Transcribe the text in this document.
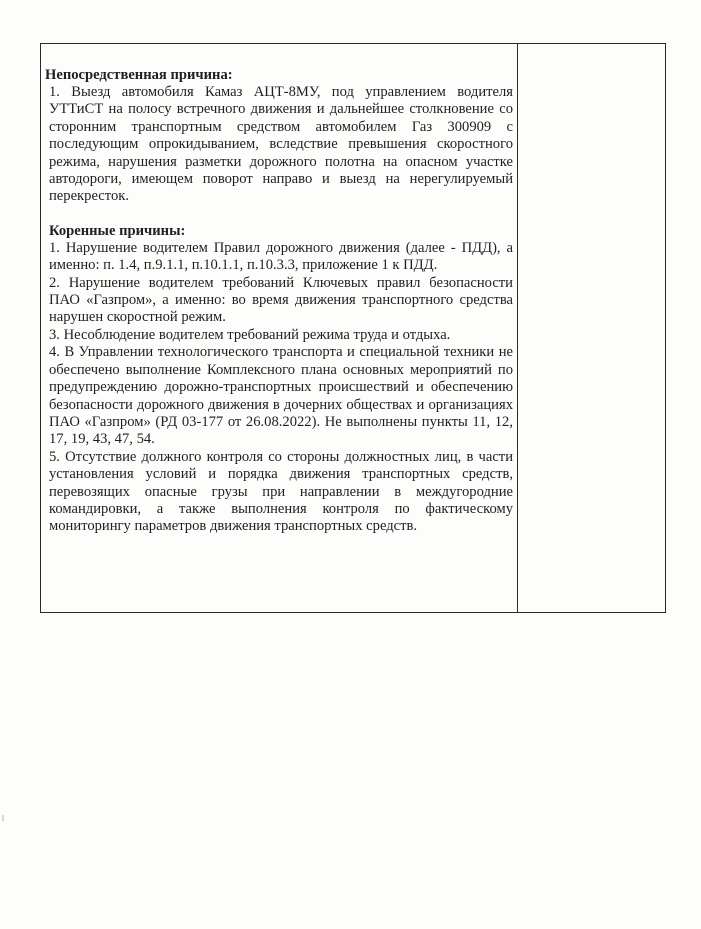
Непосредственная причина:

1. Выезд автомобиля Камаз АЦТ-8МУ, под управлением водителя УТТиСТ на полосу встречного движения и дальнейшее столкновение со сторонним транспортным средством автомобилем Газ 300909 с последующим опрокидыванием, вследствие превышения скоростного режима, нарушения разметки дорожного полотна на опасном участке автодороги, имеющем поворот направо и выезд на нерегулируемый перекресток.

Коренные причины:

1. Нарушение водителем Правил дорожного движения (далее - ПДД), а именно: п. 1.4, п.9.1.1, п.10.1.1, п.10.3.3, приложение 1 к ПДД.

2. Нарушение водителем требований Ключевых правил безопасности ПАО «Газпром», а именно: во время движения транспортного средства нарушен скоростной режим.

3. Несоблюдение водителем требований режима труда и отдыха.

4. В Управлении технологического транспорта и специальной техники не обеспечено выполнение Комплексного плана основных мероприятий по предупреждению дорожно-транспортных происшествий и обеспечению безопасности дорожного движения в дочерних обществах и организациях ПАО «Газпром» (РД 03-177 от 26.08.2022). Не выполнены пункты 11, 12, 17, 19, 43, 47, 54.

5. Отсутствие должного контроля со стороны должностных лиц, в части установления условий и порядка движения транспортных средств, перевозящих опасные грузы при направлении в междугородние командировки, а также выполнения контроля по фактическому мониторингу параметров движения транспортных средств.
